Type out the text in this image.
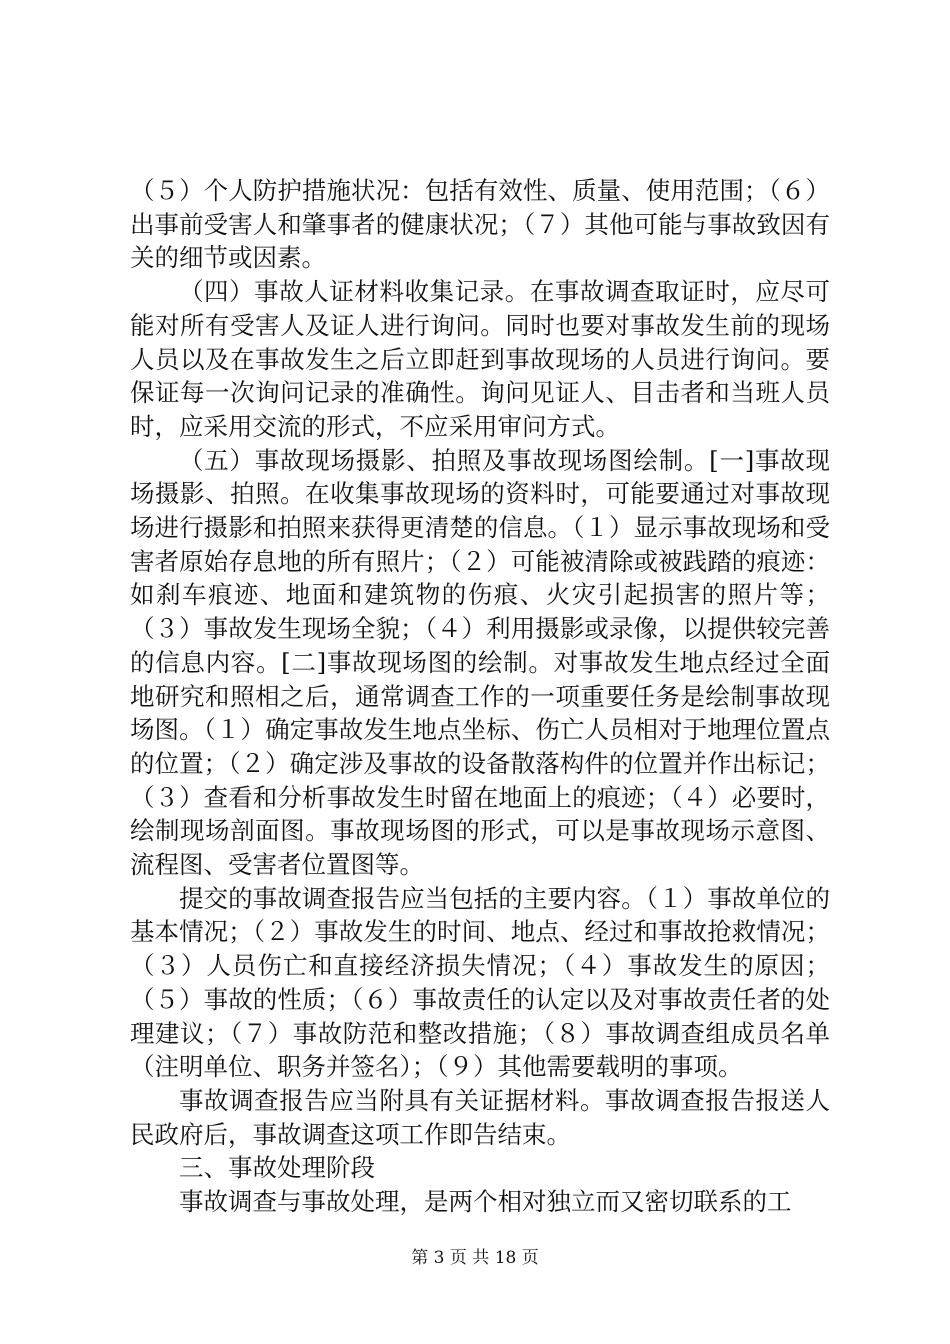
（５）个人防护措施状况：包括有效性、质量、使用范围；（６）出事前受害人和肇事者的健康状况；（７）其他可能与事故致因有关的细节或因素。

（四）事故人证材料收集记录。在事故调查取证时，应尽可能对所有受害人及证人进行询问。同时也要对事故发生前的现场人员以及在事故发生之后立即赶到事故现场的人员进行询问。要保证每一次询问记录的准确性。询问见证人、目击者和当班人员时，应采用交流的形式，不应采用审问方式。

（五）事故现场摄影、拍照及事故现场图绘制。[一]事故现场摄影、拍照。在收集事故现场的资料时，可能要通过对事故现场进行摄影和拍照来获得更清楚的信息。（１）显示事故现场和受害者原始存息地的所有照片；（２）可能被清除或被践踏的痕迹：如刹车痕迹、地面和建筑物的伤痕、火灾引起损害的照片等；（３）事故发生现场全貌；（４）利用摄影或录像，以提供较完善的信息内容。[二]事故现场图的绘制。对事故发生地点经过全面地研究和照相之后，通常调查工作的一项重要任务是绘制事故现场图。（１）确定事故发生地点坐标、伤亡人员相对于地理位置点的位置；（２）确定涉及事故的设备散落构件的位置并作出标记；（３）查看和分析事故发生时留在地面上的痕迹；（４）必要时，绘制现场剖面图。事故现场图的形式，可以是事故现场示意图、流程图、受害者位置图等。

提交的事故调查报告应当包括的主要内容。（１）事故单位的基本情况；（２）事故发生的时间、地点、经过和事故抢救情况；（３）人员伤亡和直接经济损失情况；（４）事故发生的原因；（５）事故的性质；（６）事故责任的认定以及对事故责任者的处理建议；（７）事故防范和整改措施；（８）事故调查组成员名单（注明单位、职务并签名）；（９）其他需要载明的事项。

事故调查报告应当附具有关证据材料。事故调查报告报送人民政府后，事故调查这项工作即告结束。

三、事故处理阶段

事故调查与事故处理，是两个相对独立而又密切联系的工

第 3 页 共 18 页
